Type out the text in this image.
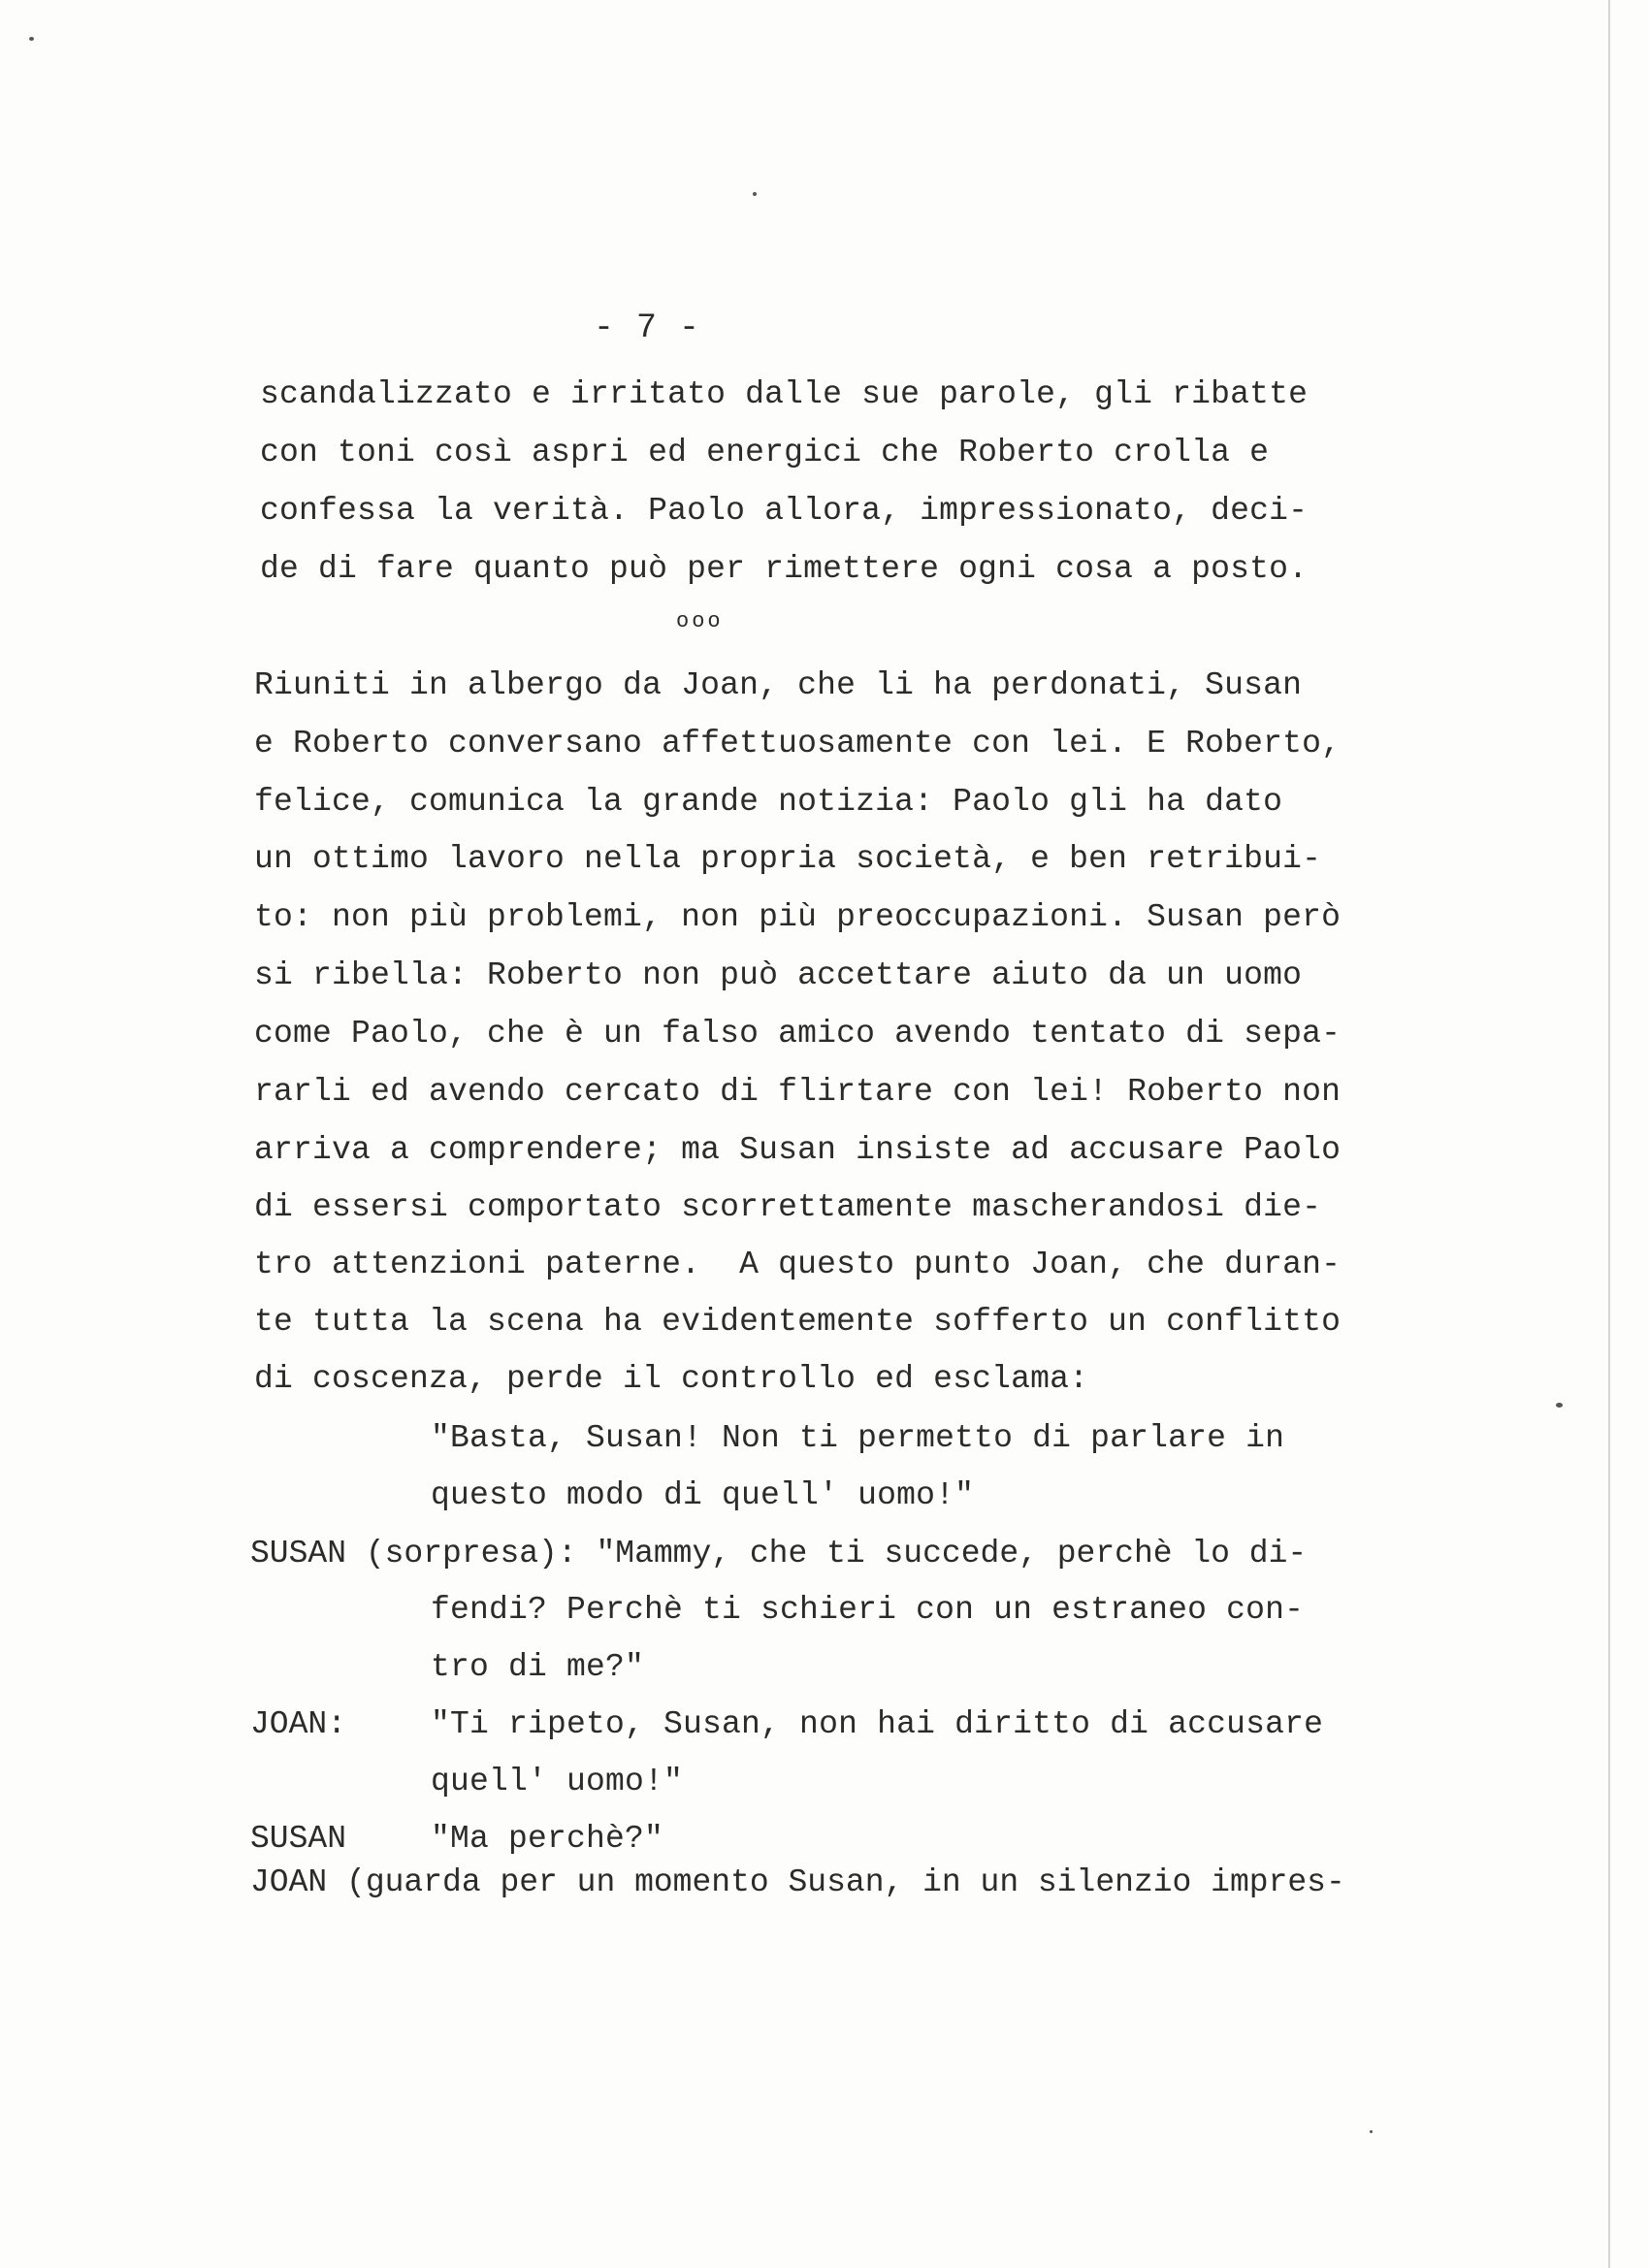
- 7 -
scandalizzato e irritato dalle sue parole, gli ribatte
con toni così aspri ed energici che Roberto crolla e
confessa la verità. Paolo allora, impressionato, deci-
de di fare quanto può per rimettere ogni cosa a posto.
ooo
Riuniti in albergo da Joan, che li ha perdonati, Susan
e Roberto conversano affettuosamente con lei. E Roberto,
felice, comunica la grande notizia: Paolo gli ha dato
un ottimo lavoro nella propria società, e ben retribui-
to: non più problemi, non più preoccupazioni. Susan però
si ribella: Roberto non può accettare aiuto da un uomo
come Paolo, che è un falso amico avendo tentato di sepa-
rarli ed avendo cercato di flirtare con lei! Roberto non
arriva a comprendere; ma Susan insiste ad accusare Paolo
di essersi comportato scorrettamente mascherandosi die-
tro attenzioni paterne.  A questo punto Joan, che duran-
te tutta la scena ha evidentemente sofferto un conflitto
di coscenza, perde il controllo ed esclama:
"Basta, Susan! Non ti permetto di parlare in
questo modo di quell' uomo!"
SUSAN (sorpresa): "Mammy, che ti succede, perchè lo di-
fendi? Perchè ti schieri con un estraneo con-
tro di me?"
JOAN:	"Ti ripeto, Susan, non hai diritto di accusare
quell' uomo!"
SUSAN	"Ma perchè?"
JOAN (guarda per un momento Susan, in un silenzio impres-
